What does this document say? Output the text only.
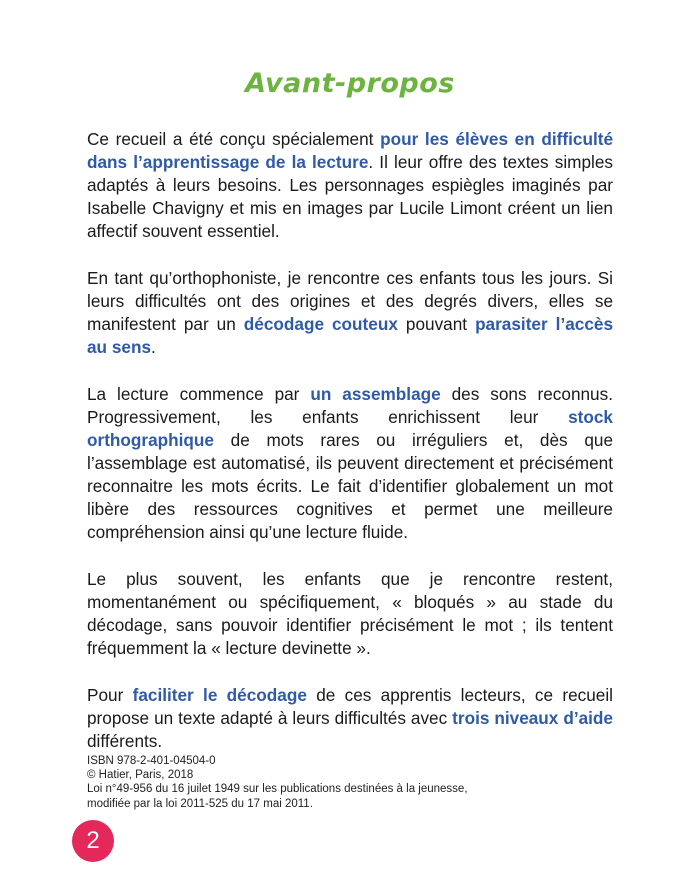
Avant-propos

Ce recueil a été conçu spécialement pour les élèves en difficulté dans l’apprentissage de la lecture. Il leur offre des textes simples adaptés à leurs besoins. Les personnages espiègles imaginés par Isabelle Chavigny et mis en images par Lucile Limont créent un lien affectif souvent essentiel.

En tant qu’orthophoniste, je rencontre ces enfants tous les jours. Si leurs difficultés ont des origines et des degrés divers, elles se manifestent par un décodage couteux pouvant parasiter l’accès au sens.

La lecture commence par un assemblage des sons reconnus. Progressivement, les enfants enrichissent leur stock orthographique de mots rares ou irréguliers et, dès que l’assemblage est automatisé, ils peuvent directement et précisément reconnaitre les mots écrits. Le fait d’identifier globalement un mot libère des ressources cognitives et permet une meilleure compréhension ainsi qu’une lecture fluide.

Le plus souvent, les enfants que je rencontre restent, momentanément ou spécifiquement, « bloqués » au stade du décodage, sans pouvoir identifier précisément le mot ; ils tentent fréquemment la « lecture devinette ».

Pour faciliter le décodage de ces apprentis lecteurs, ce recueil propose un texte adapté à leurs difficultés avec trois niveaux d’aide différents.

ISBN 978-2-401-04504-0
© Hatier, Paris, 2018
Loi n°49-956 du 16 juilet 1949 sur les publications destinées à la jeunesse,
modifiée par la loi 2011-525 du 17 mai 2011.
2
